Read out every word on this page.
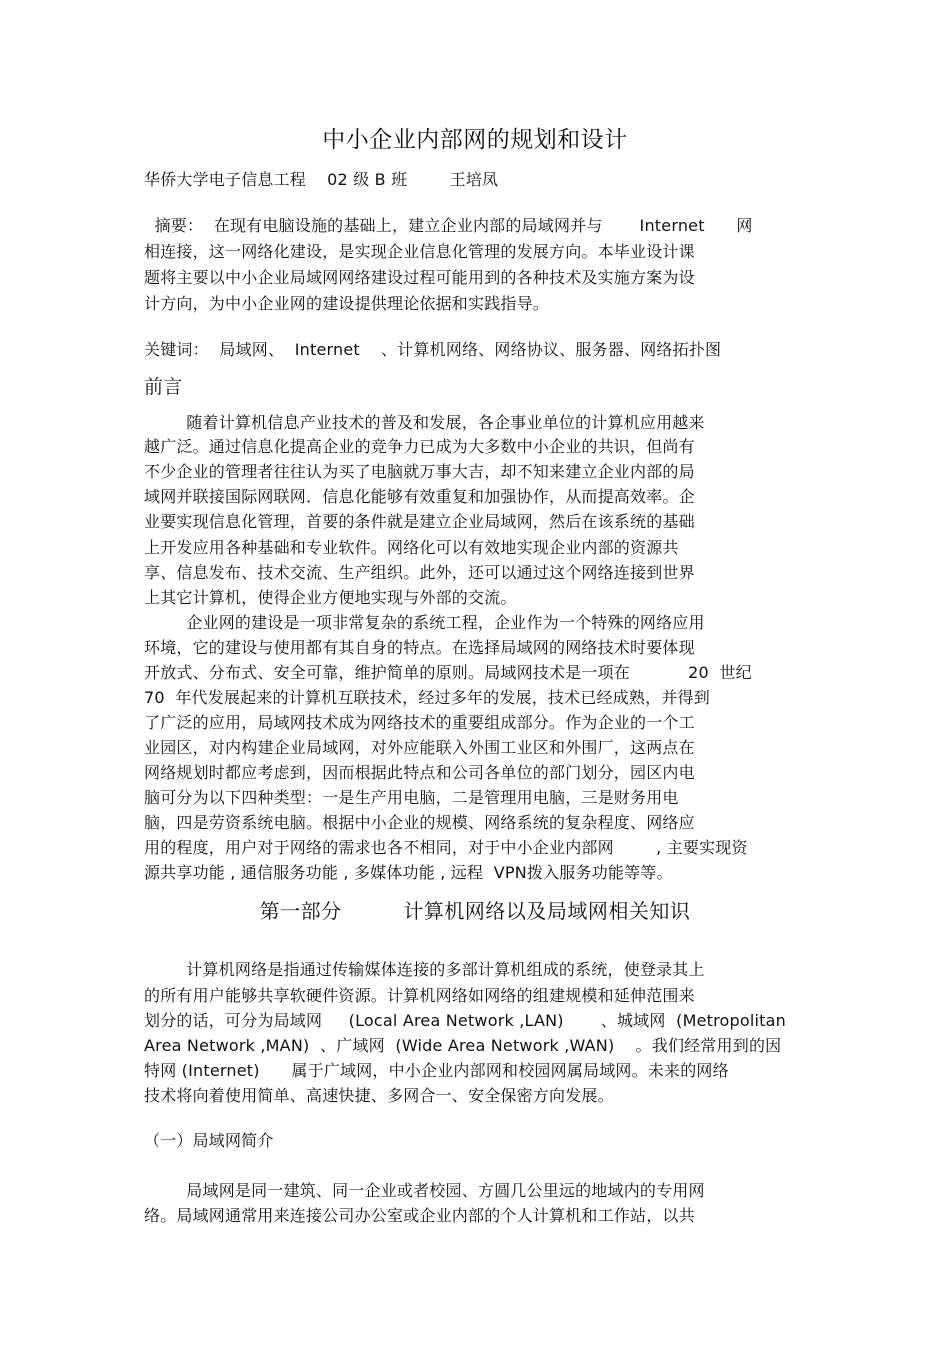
中小企业内部网的规划和设计
华侨大学电子信息工程    02 级 B 班        王培凤
摘要：  在现有电脑设施的基础上，建立企业内部的局域网并与       Internet      网
相连接，这一网络化建设，是实现企业信息化管理的发展方向。本毕业设计课
题将主要以中小企业局域网网络建设过程可能用到的各种技术及实施方案为设
计方向，为中小企业网的建设提供理论依据和实践指导。
关键词：  局域网、  Internet    、计算机网络、网络协议、服务器、网络拓扑图
前言
随着计算机信息产业技术的普及和发展，各企事业单位的计算机应用越来
越广泛。通过信息化提高企业的竞争力已成为大多数中小企业的共识，但尚有
不少企业的管理者往往认为买了电脑就万事大吉，却不知来建立企业内部的局
域网并联接国际网联网．信息化能够有效重复和加强协作，从而提高效率。企
业要实现信息化管理，首要的条件就是建立企业局域网，然后在该系统的基础
上开发应用各种基础和专业软件。网络化可以有效地实现企业内部的资源共
享、信息发布、技术交流、生产组织。此外，还可以通过这个网络连接到世界
上其它计算机，使得企业方便地实现与外部的交流。
企业网的建设是一项非常复杂的系统工程，企业作为一个特殊的网络应用
环境，它的建设与使用都有其自身的特点。在选择局域网的网络技术时要体现
开放式、分布式、安全可靠，维护简单的原则。局域网技术是一项在           20  世纪
70  年代发展起来的计算机互联技术，经过多年的发展，技术已经成熟，并得到
了广泛的应用，局域网技术成为网络技术的重要组成部分。作为企业的一个工
业园区，对内构建企业局域网，对外应能联入外围工业区和外围厂，这两点在
网络规划时都应考虑到，因而根据此特点和公司各单位的部门划分，园区内电
脑可分为以下四种类型：一是生产用电脑，二是管理用电脑，三是财务用电
脑，四是劳资系统电脑。根据中小企业的规模、网络系统的复杂程度、网络应
用的程度，用户对于网络的需求也各不相同，对于中小企业内部网        , 主要实现资
源共享功能 , 通信服务功能 , 多媒体功能 , 远程  VPN拨入服务功能等等。
第一部分         计算机网络以及局域网相关知识
计算机网络是指通过传输媒体连接的多部计算机组成的系统，使登录其上
的所有用户能够共享软硬件资源。计算机网络如网络的组建规模和延伸范围来
划分的话，可分为局域网     (Local Area Network ,LAN)       、城域网  (Metropolitan
Area Network ,MAN)  、广域网  (Wide Area Network ,WAN)    。我们经常用到的因
特网 (Internet)      属于广域网，中小企业内部网和校园网属局域网。未来的网络
技术将向着使用简单、高速快捷、多网合一、安全保密方向发展。
（一）局域网简介
局域网是同一建筑、同一企业或者校园、方圆几公里远的地域内的专用网
络。局域网通常用来连接公司办公室或企业内部的个人计算机和工作站，以共
